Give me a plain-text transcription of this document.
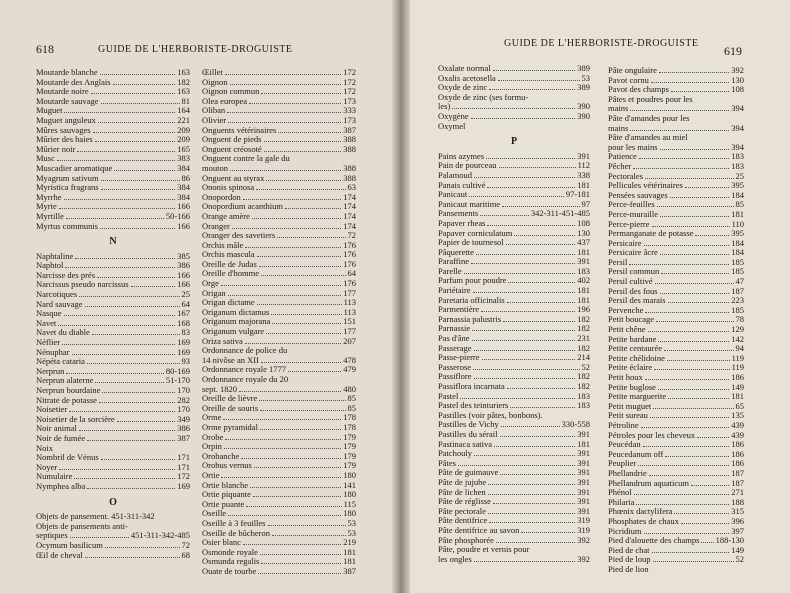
618	GUIDE DE L'HERBORISTE-DROGUISTE
Moutarde blanche	163
Moutarde des Anglais	182
Moutarde noire	163
Moutarde sauvage	81
Muguet	164
Muguet anguleux	221
Mûres sauvages	209
Mûrier des haies	209
Mûrier noir	165
Musc	383
Muscadier aromatique	384
Myagrum sativum	86
Myristica fragrans	384
Myrrhe	384
Myrte	166
Myrtille	50-166
Myrtus communis	166
N
Naphtaline	385
Naphtol	386
Narcisse des prés	166
Narcissus pseudo narcissus	166
Narcotiques	25
Nard sauvage	64
Nasque	167
Navet	168
Navet du diable	83
Néflier	169
Nénuphar	169
Népéta cataria	93
Nerprun	80-169
Nerprun alaterne	51-170
Nerprun bourdaine	170
Nitrate de potasse	282
Noisetier	170
Noisetier de la sorcière	349
Noir animal	386
Noir de fumée	387
Noix
Nombril de Vénus	171
Noyer	171
Numulaire	172
Nymphea alba	169
O
Objets de pansement. 451-311-342
Objets de pansements anti-
septiques	451-311-342-485
Ocymum basilicum	72
Œil de cheval	68
Œillet	172
Oignon	172
Oignon commun	172
Olea europea	173
Oliban	333
Olivier	173
Onguents vétérinaires	387
Onguent de pieds	388
Onguent créosoté	388
Onguent contre la gale du
mouton	388
Onguent au styrax	388
Ononis spinosa	63
Onopordon	174
Onopordium acanthium	174
Orange amère	174
Oranger	174
Oranger des savetiers	72
Orchis mâle	176
Orchis mascula	176
Oreille de Judas	176
Oreille d'homme	64
Orge	176
Origan	177
Origan dictame	113
Origanum dictamus	113
Origanum majorana	151
Origanum vulgare	177
Oriza sativa	207
Ordonnance de police du
14 nivôse an XII	478
Ordonnance royale 1777	479
Ordonnance royale du 20
sept. 1820	480
Oreille de lièvre	85
Oreille de souris	85
Orme	178
Orme pyramidal	178
Orobe	179
Orpin	179
Orobanche	179
Orobus vernus	179
Ortie	180
Ortie blanche	141
Ortie piquante	180
Ortie puante	115
Oseille	180
Oseille à 3 feuilles	53
Oseille de bûcheron	53
Osier blanc	219
Osmonde royale	181
Osmunda regalis	181
Ouate de tourbe	387
GUIDE DE L'HERBORISTE-DROGUISTE
619
Oxalate normal	389
Oxalis acetosella	53
Oxyde de zinc	389
Oxyde de zinc (ses formu-
les)	390
Oxygène	390
Oxymel
P
Pains azymes	391
Pain de pourceau	112
Palamoud	338
Panais cultivé	181
Panicaut	97-181
Panicaut maritime	97
Pansements	342-311-451-485
Papaver rheas	108
Papaver corniculatum	130
Papier de tournesol	437
Pâquerette	181
Paraffine	391
Parelle	183
Parfum pour poudre	402
Pariétaire	181
Paretaria officinalis	181
Parmentière	196
Parnassia palustris	182
Parnassie	182
Pas d'âne	231
Passerage	182
Passe-pierre	214
Passerose	52
Passiflore	182
Passiflora incarnata	182
Pastel	183
Pastel des teinturiers	183
Pastilles (voir pâtes, bonbons).
Pastilles de Vichy	330-558
Pastilles du sérail	391
Pastinaca sativa	181
Patchouly	391
Pâtes	391
Pâte de guimauve	391
Pâte de jujube	391
Pâte de lichen	391
Pâte de réglisse	391
Pâte pectorale	391
Pâte dentifrice	319
Pâte dentifrice au savon	319
Pâte phosphorée	392
Pâte, poudre et vernis pour
les ongles	392
Pâte ongulaire	392
Pavot cornu	130
Pavot des champs	108
Pâtes et poudres pour les
mains	394
Pâte d'amandes pour les
mains	394
Pâte d'amandes au miel
pour les mains	394
Patience	183
Pêcher	183
Pectorales	25
Pellicules vétérinaires	395
Pensées sauvages	184
Perce-feuilles	85
Perce-muraille	181
Perce-pierre	110
Permanganate de potasse	395
Persicaire	184
Persicaire âcre	184
Persil	185
Persil commun	185
Persil cultivé	47
Persil des fous	187
Persil des marais	223
Pervenche	185
Petit boucage	78
Petit chêne	129
Petite bardane	142
Petite centaurée	94
Petite chélidoine	119
Petite éclaire	119
Petit houx	186
Petite buglose	149
Petite marguerite	181
Petit muguet	65
Petit sureau	135
Pétroline	439
Pétroles pour les cheveux	439
Peucédan	186
Peucedanum off	186
Peuplier	186
Phellandrie	187
Phellandrum aquaticum	187
Phénol	271
Philaria	188
Phœnix dactylifera	315
Phosphates de chaux	396
Picridium	397
Pied d'alouette des champs 188-130
Pied de chat	149
Pied de loup	52
Pied de lion
